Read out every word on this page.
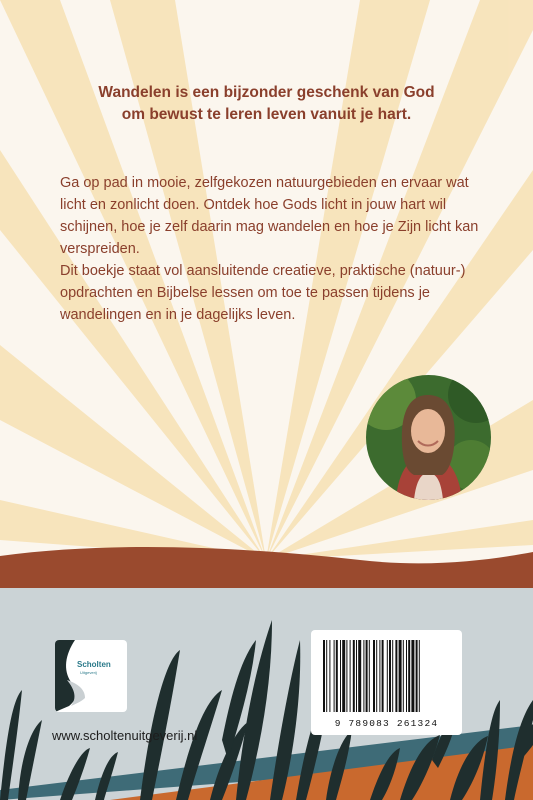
Wandelen is een bijzonder geschenk van God
om bewust te leren leven vanuit je hart.
Ga op pad in mooie, zelfgekozen natuurgebieden en ervaar wat licht en zonlicht doen. Ontdek hoe Gods licht in jouw hart wil schijnen, hoe je zelf daarin mag wandelen en hoe je Zijn licht kan verspreiden.
Dit boekje staat vol aansluitende creatieve, praktische (natuur-) opdrachten en Bijbelse lessen om toe te passen tijdens je wandelingen en in je dagelijks leven.
Scholten
Uitgeverij
www.scholtenuitgeverij.nl
9 789083 261324
